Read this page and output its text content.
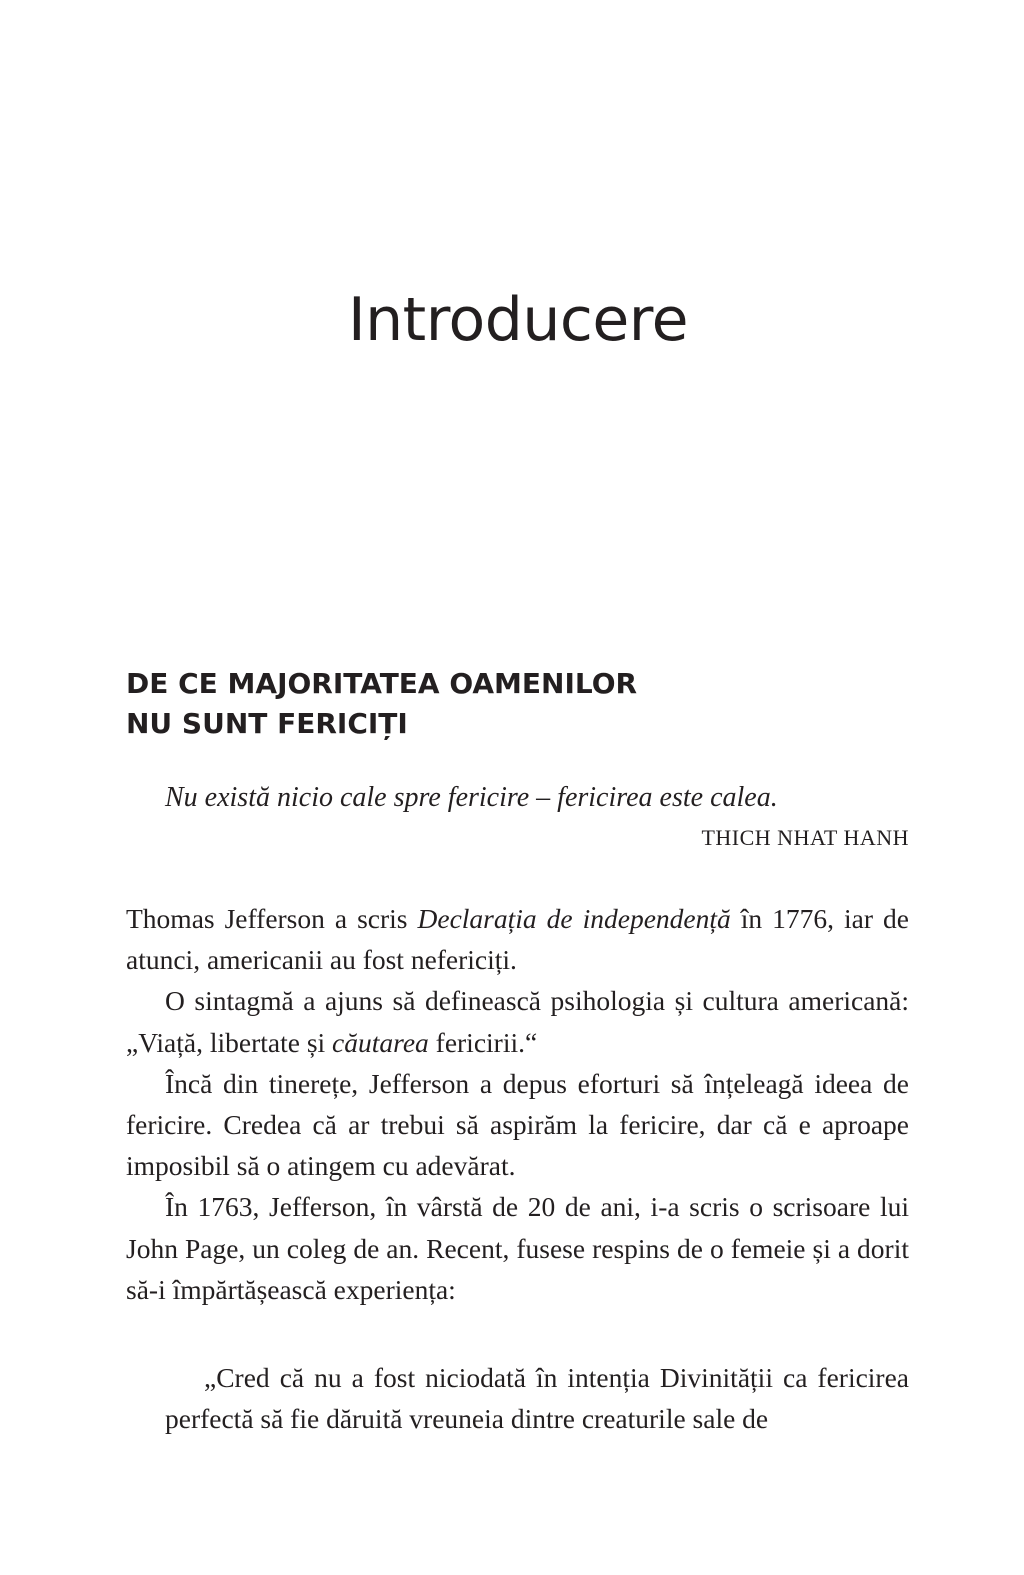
Introducere
DE CE MAJORITATEA OAMENILOR
NU SUNT FERICIȚI

Nu există nicio cale spre fericire – fericirea este calea.

THICH NHAT HANH

Thomas Jefferson a scris Declarația de independență în 1776, iar de atunci, americanii au fost nefericiți.

O sintagmă a ajuns să definească psihologia și cultura americană: „Viață, libertate și căutarea fericirii.“

Încă din tinerețe, Jefferson a depus eforturi să înțeleagă ideea de fericire. Credea că ar trebui să aspirăm la fericire, dar că e aproape imposibil să o atingem cu adevărat.

În 1763, Jefferson, în vârstă de 20 de ani, i-a scris o scrisoare lui John Page, un coleg de an. Recent, fusese respins de o femeie și a dorit să-i împărtășească experiența:

„Cred că nu a fost niciodată în intenția Divinității ca fericirea perfectă să fie dăruită vreuneia dintre creaturile sale de
